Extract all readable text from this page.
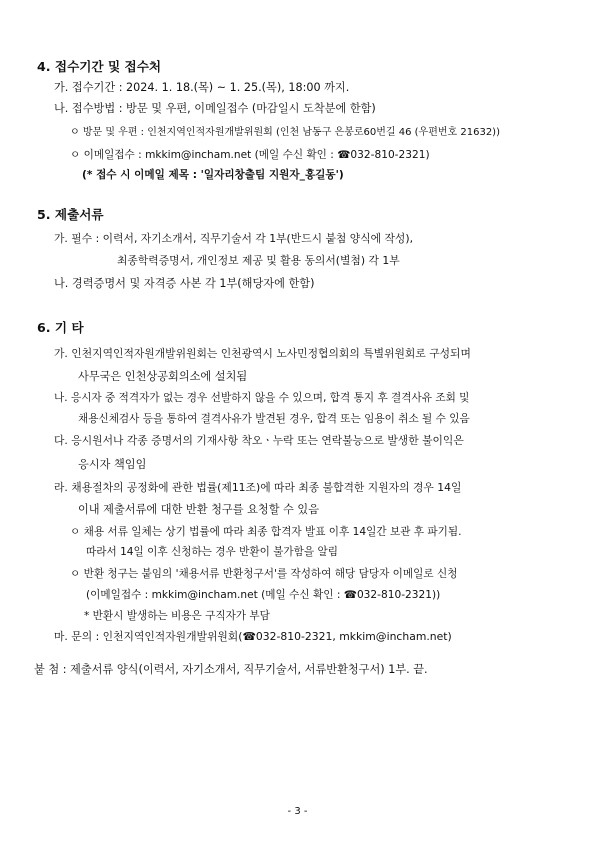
4. 접수기간 및 접수처
가. 접수기간 : 2024. 1. 18.(목) ~ 1. 25.(목), 18:00 까지.
나. 접수방법 : 방문 및 우편, 이메일접수 (마감일시 도착분에 한함)
ㅇ 방문 및 우편 : 인천지역인적자원개발위원회 (인천 남동구 은봉로60번길 46 (우편번호 21632))
ㅇ 이메일접수 : mkkim@incham.net (메일 수신 확인 : ☎032-810-2321)
(* 접수 시 이메일 제목 : '일자리창출팀 지원자_홍길동')
5. 제출서류
가. 필수 : 이력서, 자기소개서, 직무기술서 각 1부(반드시 붙첨 양식에 작성),
최종학력증명서, 개인정보 제공 및 활용 동의서(별첨) 각 1부
나. 경력증명서 및 자격증 사본 각 1부(해당자에 한함)
6. 기 타
가. 인천지역인적자원개발위원회는 인천광역시 노사민정협의회의 특별위원회로 구성되며
사무국은 인천상공회의소에 설치됨
나. 응시자 중 적격자가 없는 경우 선발하지 않을 수 있으며, 합격 통지 후 결격사유 조회 및
채용신체검사 등을 통하여 결격사유가 발견된 경우, 합격 또는 임용이 취소 될 수 있음
다. 응시원서나 각종 증명서의 기재사항 착오ㆍ누락 또는 연락불능으로 발생한 불이익은
응시자 책임임
라. 채용절차의 공정화에 관한 법률(제11조)에 따라 최종 불합격한 지원자의 경우 14일
이내 제출서류에 대한 반환 청구를 요청할 수 있음
ㅇ 채용 서류 일체는 상기 법률에 따라 최종 합격자 발표 이후 14일간 보관 후 파기됨.
따라서 14일 이후 신청하는 경우 반환이 불가함을 알림
ㅇ 반환 청구는 붙임의 '채용서류 반환청구서'를 작성하여 해당 담당자 이메일로 신청
(이메일접수 : mkkim@incham.net (메일 수신 확인 : ☎032-810-2321))
* 반환시 발생하는 비용은 구직자가 부담
마. 문의 : 인천지역인적자원개발위원회(☎032-810-2321, mkkim@incham.net)
붙 첨 : 제출서류 양식(이력서, 자기소개서, 직무기술서, 서류반환청구서) 1부. 끝.
- 3 -
